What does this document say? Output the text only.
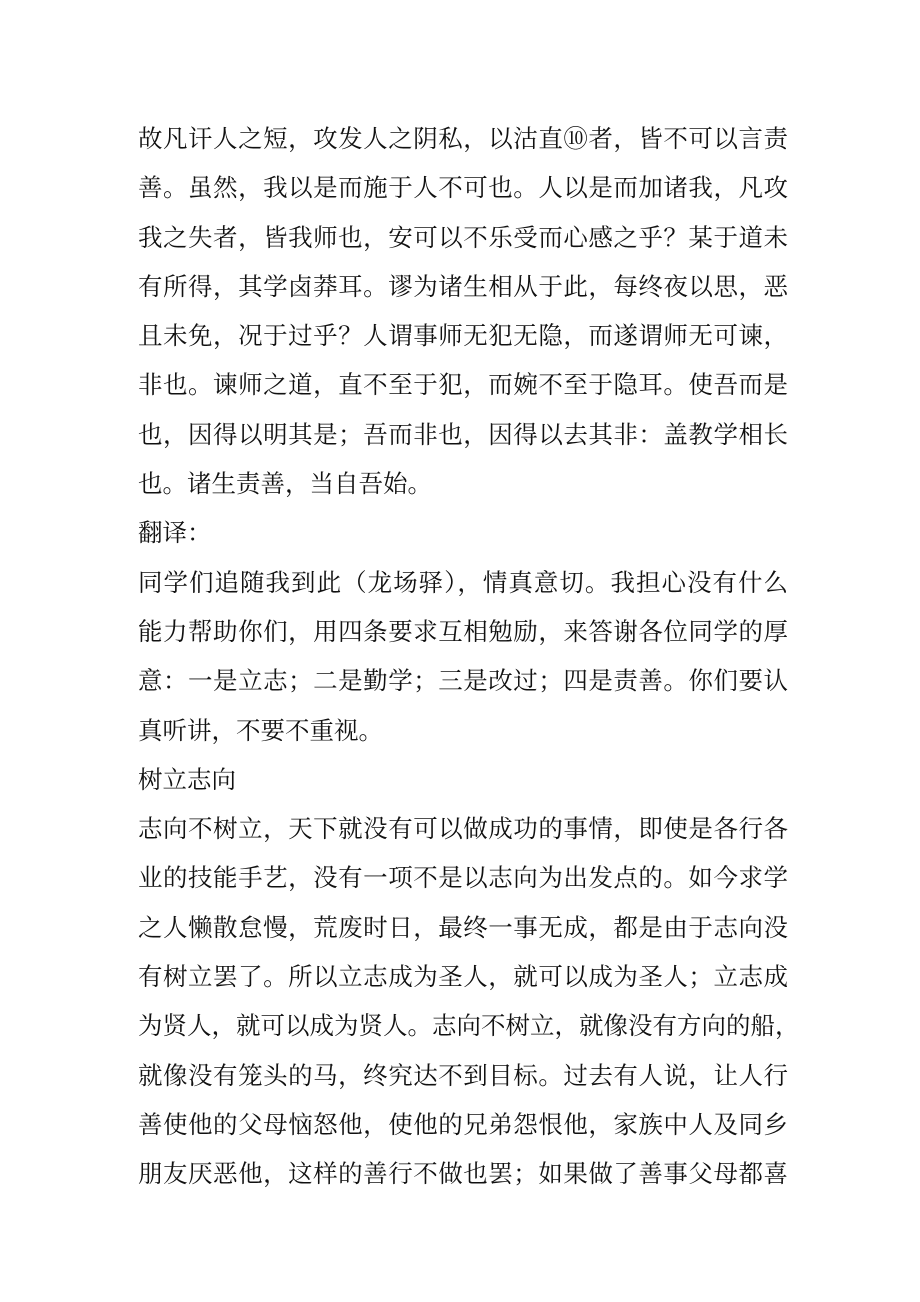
故凡讦人之短，攻发人之阴私，以沽直⑩者，皆不可以言责
善。虽然，我以是而施于人不可也。人以是而加诸我，凡攻
我之失者，皆我师也，安可以不乐受而心感之乎？某于道未
有所得，其学卤莽耳。谬为诸生相从于此，每终夜以思，恶
且未免，况于过乎？人谓事师无犯无隐，而遂谓师无可谏，
非也。谏师之道，直不至于犯，而婉不至于隐耳。使吾而是
也，因得以明其是；吾而非也，因得以去其非：盖教学相长
也。诸生责善，当自吾始。
翻译：
同学们追随我到此（龙场驿），情真意切。我担心没有什么
能力帮助你们，用四条要求互相勉励，来答谢各位同学的厚
意：一是立志；二是勤学；三是改过；四是责善。你们要认
真听讲，不要不重视。
树立志向
志向不树立，天下就没有可以做成功的事情，即使是各行各
业的技能手艺，没有一项不是以志向为出发点的。如今求学
之人懒散怠慢，荒废时日，最终一事无成，都是由于志向没
有树立罢了。所以立志成为圣人，就可以成为圣人；立志成
为贤人，就可以成为贤人。志向不树立，就像没有方向的船，
就像没有笼头的马，终究达不到目标。过去有人说，让人行
善使他的父母恼怒他，使他的兄弟怨恨他，家族中人及同乡
朋友厌恶他，这样的善行不做也罢；如果做了善事父母都喜
